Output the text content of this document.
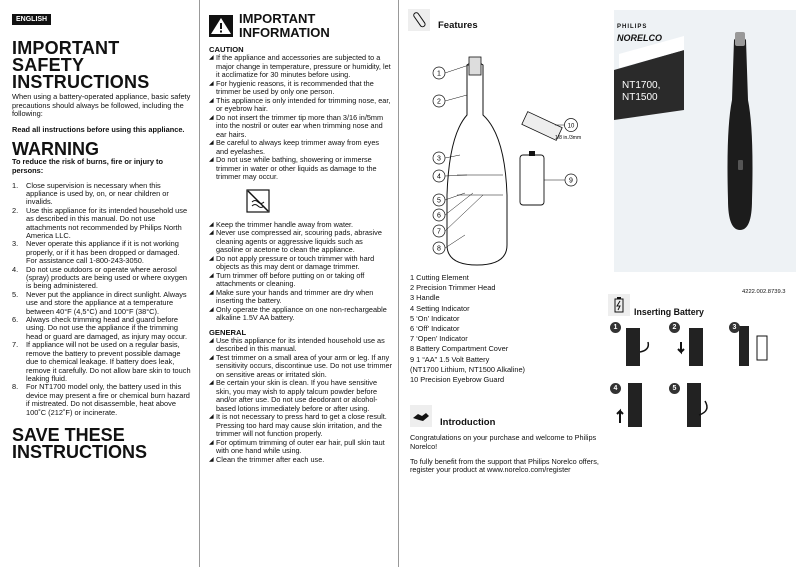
ENGLISH
IMPORTANT SAFETY INSTRUCTIONS

When using a battery-operated appliance, basic safety precautions should always be followed, including the following:

Read all instructions before using this appliance.

WARNING

To reduce the risk of burns, fire or injury to persons:

1.	Close supervision is necessary when this appliance is used by, on, or near children or invalids.
2.	Use this appliance for its intended household use as described in this manual. Do not use attachments not recommended by Philips North America LLC.
3.	Never operate this appliance if it is not working properly, or if it has been dropped or damaged. For assistance call 1-800-243-3050.
4.	Do not use outdoors or operate where aerosol (spray) products are being used or where oxygen is being administered.
5.	Never put the appliance in direct sunlight. Always use and store the appliance at a temperature between 40°F (4,5°C) and 100°F (38°C).
6.	Always check trimming head and guard before using. Do not use the appliance if the trimming head or guard are damaged, as injury may occur.
7.	If appliance will not be used on a regular basis, remove the battery to prevent possible damage due to chemical leakage. If battery does leak, remove it carefully. Do not allow bare skin to touch leaking fluid.
8.	For NT1700 model only, the battery used in this device may present a fire or chemical burn hazard if mistreated. Do not disassemble, heat above 100˚C (212˚F) or incinerate.
SAVE THESE INSTRUCTIONS
IMPORTANT INFORMATION
CAUTION
◢ If the appliance and accessories are subjected to a major change in temperature, pressure or humidity, let it acclimatize for 30 minutes before using.
◢ For hygienic reasons, it is recommended that the trimmer be used by only one person.
◢ This appliance is only intended for trimming nose, ear, or eyebrow hair.
◢ Do not insert the trimmer tip more than 3/16 in/5mm into the nostril or outer ear when trimming nose and ear hairs.
◢ Be careful to always keep trimmer away from eyes and eyelashes.
◢ Do not use while bathing, showering or immerse trimmer in water or other liquids as damage to the trimmer may occur.
◢ Keep the trimmer handle away from water.
◢ Never use compressed air, scouring pads, abrasive cleaning agents or aggressive liquids such as gasoline or acetone to clean the appliance.
◢ Do not apply pressure or touch trimmer with hard objects as this may dent or damage trimmer.
◢ Turn trimmer off before putting on or taking off attachments or cleaning.
◢ Make sure your hands and trimmer are dry when inserting the battery.
◢ Only operate the appliance on one non-rechargeable alkaline 1.5V AA battery.
GENERAL
◢ Use this appliance for its intended household use as described in this manual.
◢ Test trimmer on a small area of your arm or leg. If any sensitivity occurs, discontinue use. Do not use trimmer on sensitive areas or irritated skin.
◢ Be certain your skin is clean. If you have sensitive skin, you may wish to apply talcum powder before and/or after use. Do not use deodorant or alcohol-based lotions immediately before or after using.
◢ It is not necessary to press hard to get a close result. Pressing too hard may cause skin irritation, and the trimmer will not function properly.
◢ For optimum trimming of outer ear hair, pull skin taut with one hand while using.
◢ Clean the trimmer after each use.
Features
1
2
3
4
5
6
7
8
9
10
1/8 in./3mm
1 Cutting Element
2 Precision Trimmer Head
3 Handle
4 Setting Indicator
5 ‘On’ Indicator
6 ‘Off’ Indicator
7 ‘Open’ Indicator
8 Battery Compartment Cover
9 1 “AA” 1.5 Volt Battery
(NT1700 Lithium, NT1500 Alkaline)
10 Precision Eyebrow Guard
Introduction

Congratulations on your purchase and welcome to Philips Norelco!

To fully benefit from the support that Philips Norelco offers, register your product at www.norelco.com/register

PHILIPS
NORELCO
NT1700,
NT1500
4222.002.8739.3
Inserting Battery
1	2	3
4	5
